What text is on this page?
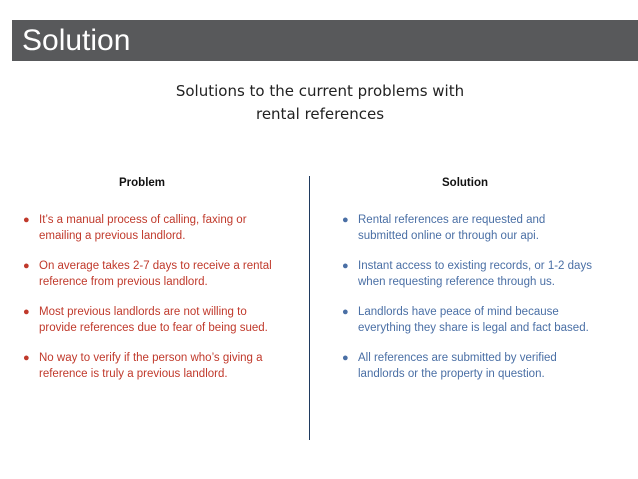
Solution
Solutions to the current problems with
rental references
Problem	Solution
● It’s a manual process of calling, faxing or
emailing a previous landlord.
● On average takes 2-7 days to receive a rental
reference from previous landlord.
● Most previous landlords are not willing to
provide references due to fear of being sued.
● No way to verify if the person who’s giving a
reference is truly a previous landlord.
● Rental references are requested and
submitted online or through our api.
● Instant access to existing records, or 1-2 days
when requesting reference through us.
● Landlords have peace of mind because
everything they share is legal and fact based.
● All references are submitted by verified
landlords or the property in question.
